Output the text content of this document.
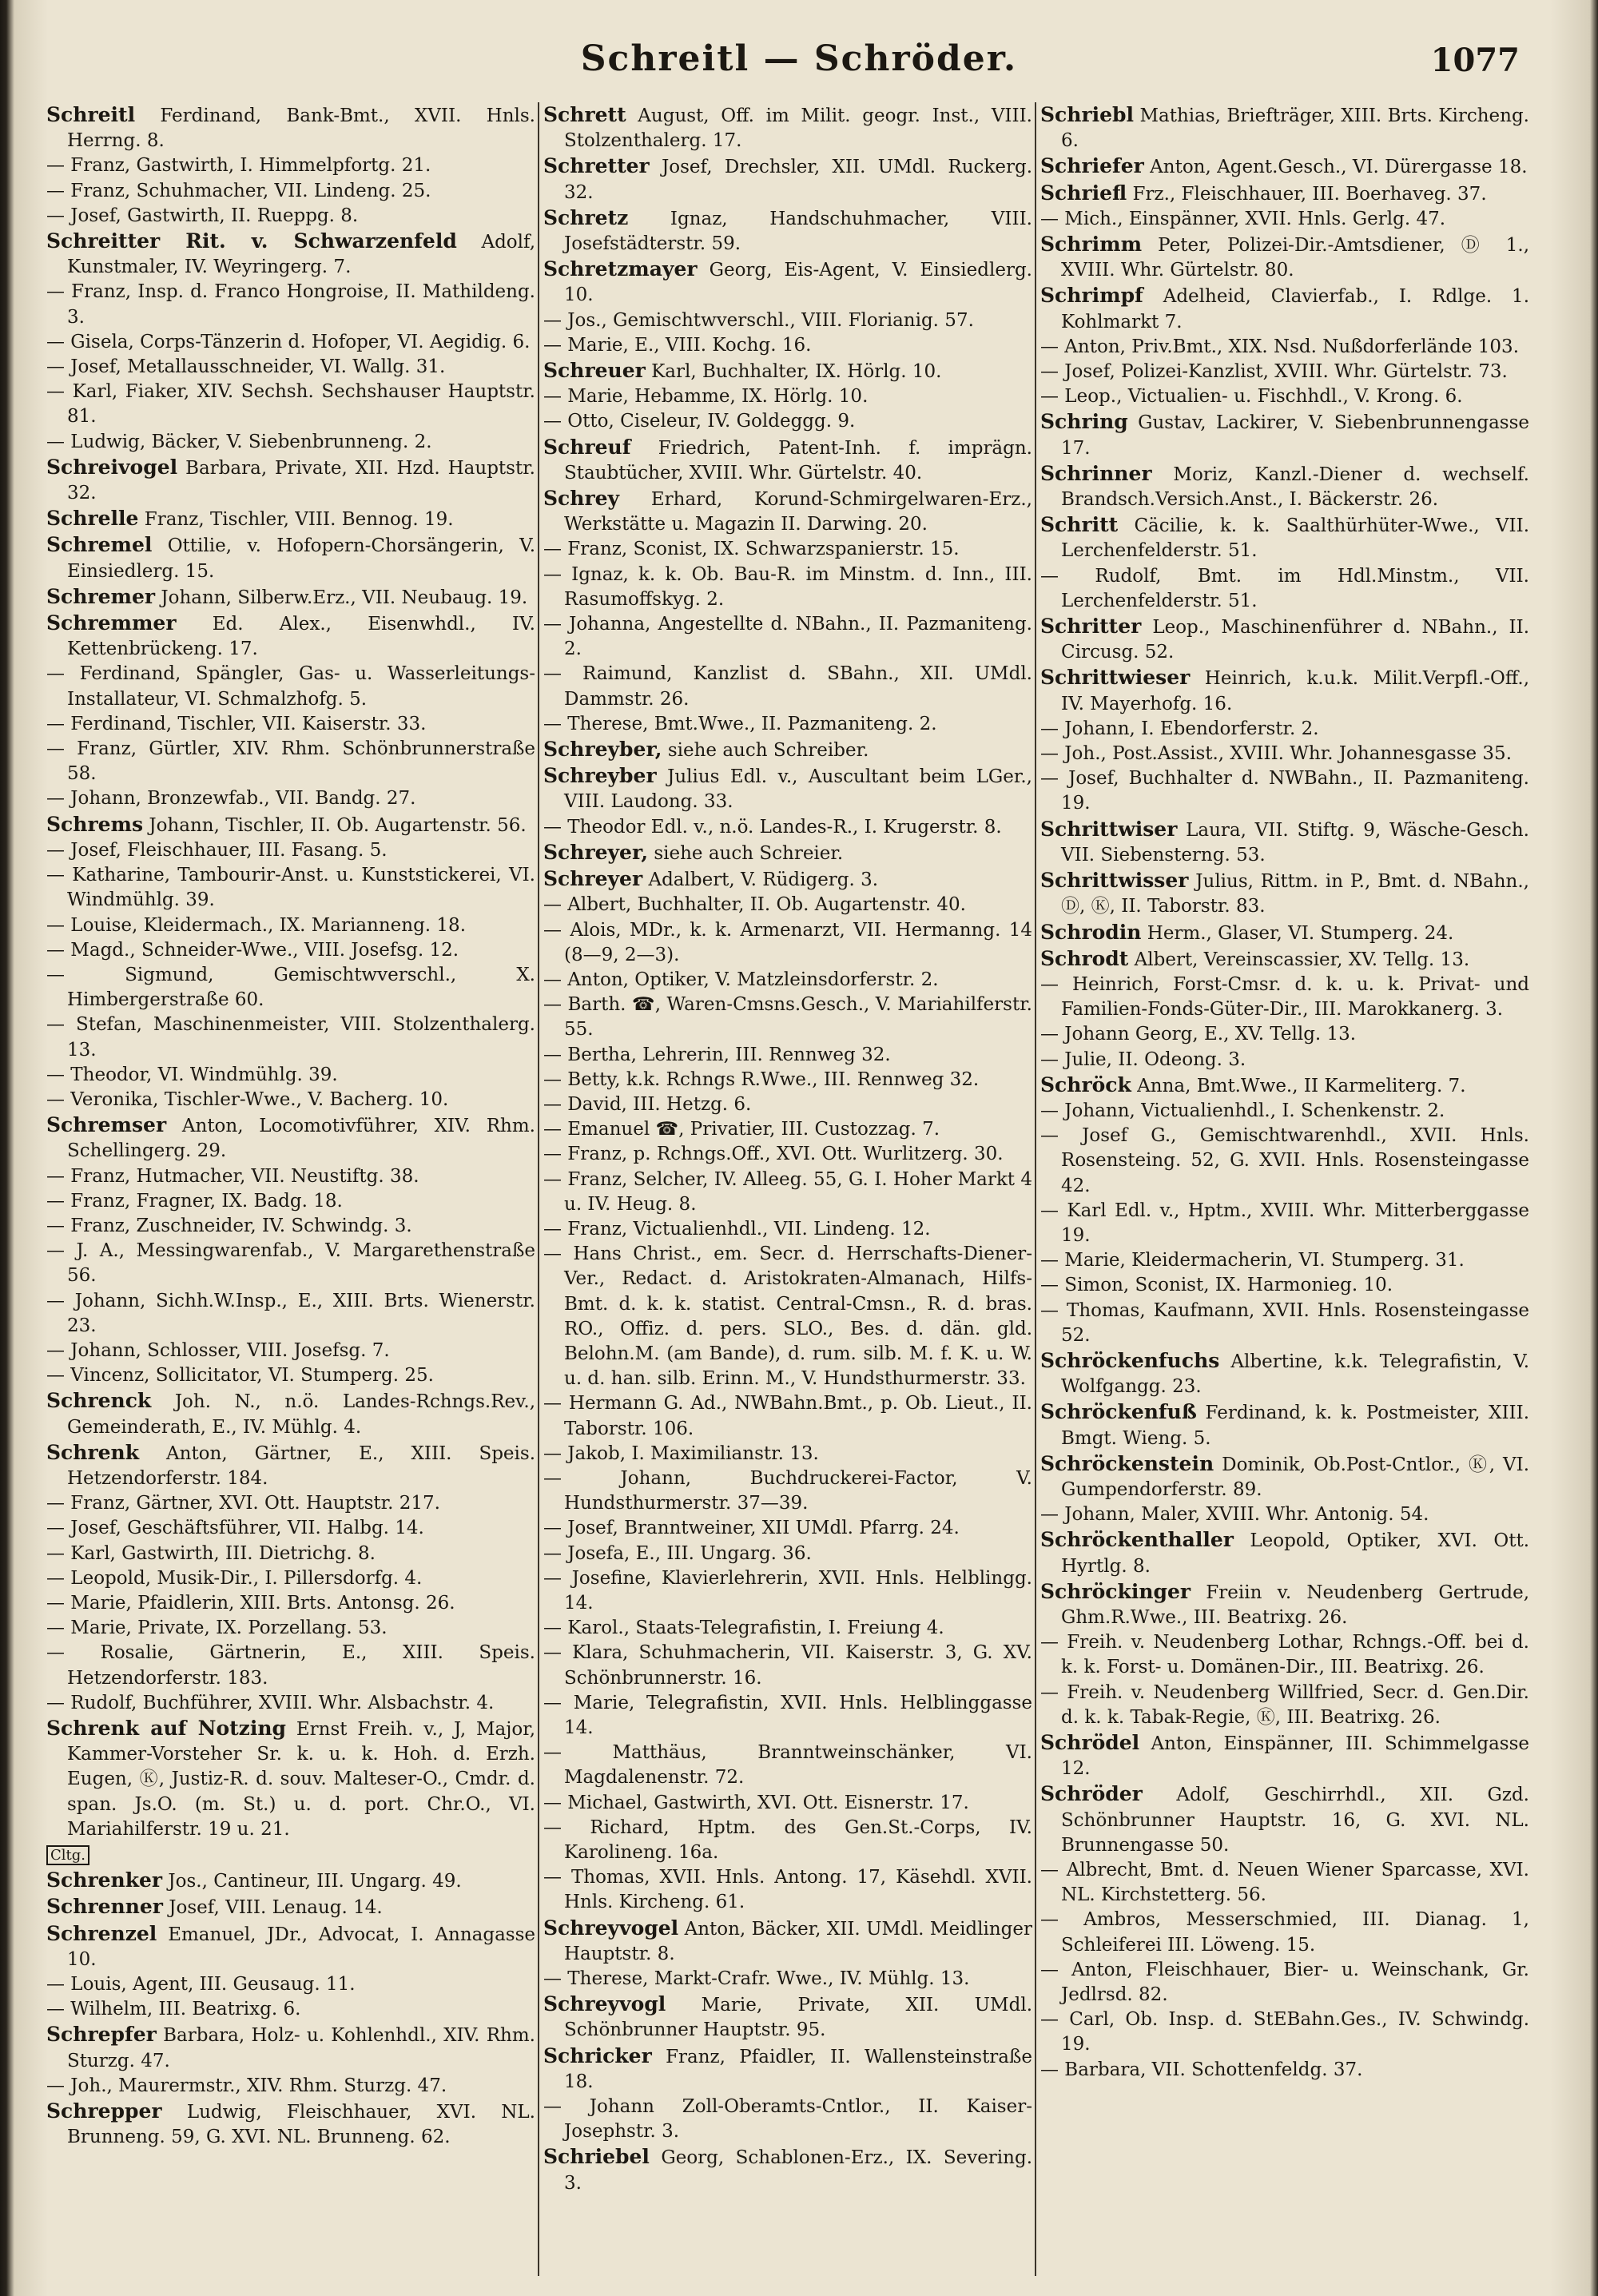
Schreitl — Schröder.	1077

Schreitl Ferdinand, Bank-Bmt., XVII. Hnls. Herrng. 8.

— Franz, Gastwirth, I. Himmelpfortg. 21.

— Franz, Schuhmacher, VII. Lindeng. 25.

— Josef, Gastwirth, II. Rueppg. 8.

Schreitter Rit. v. Schwarzenfeld Adolf, Kunstmaler, IV. Weyringerg. 7.

— Franz, Insp. d. Franco Hongroise, II. Mathildeng. 3.

— Gisela, Corps-Tänzerin d. Hofoper, VI. Aegidig. 6.

— Josef, Metallausschneider, VI. Wallg. 31.

— Karl, Fiaker, XIV. Sechsh. Sechshauser Hauptstr. 81.

— Ludwig, Bäcker, V. Siebenbrunneng. 2.

Schreivogel Barbara, Private, XII. Hzd. Hauptstr. 32.

Schrelle Franz, Tischler, VIII. Bennog. 19.

Schremel Ottilie, v. Hofopern-Chorsängerin, V. Einsiedlerg. 15.

Schremer Johann, Silberw.Erz., VII. Neubaug. 19.

Schremmer Ed. Alex., Eisenwhdl., IV. Kettenbrückeng. 17.

— Ferdinand, Spängler, Gas- u. Wasserleitungs-Installateur, VI. Schmalzhofg. 5.

— Ferdinand, Tischler, VII. Kaiserstr. 33.

— Franz, Gürtler, XIV. Rhm. Schönbrunnerstraße 58.

— Johann, Bronzewfab., VII. Bandg. 27.

Schrems Johann, Tischler, II. Ob. Augartenstr. 56.

— Josef, Fleischhauer, III. Fasang. 5.

— Katharine, Tambourir-Anst. u. Kunststickerei, VI. Windmühlg. 39.

— Louise, Kleidermach., IX. Marianneng. 18.

— Magd., Schneider-Wwe., VIII. Josefsg. 12.

— Sigmund, Gemischtwverschl., X. Himbergerstraße 60.

— Stefan, Maschinenmeister, VIII. Stolzenthalerg. 13.

— Theodor, VI. Windmühlg. 39.

— Veronika, Tischler-Wwe., V. Bacherg. 10.

Schremser Anton, Locomotivführer, XIV. Rhm. Schellingerg. 29.

— Franz, Hutmacher, VII. Neustiftg. 38.

— Franz, Fragner, IX. Badg. 18.

— Franz, Zuschneider, IV. Schwindg. 3.

— J. A., Messingwarenfab., V. Margarethenstraße 56.

— Johann, Sichh.W.Insp., E., XIII. Brts. Wienerstr. 23.

— Johann, Schlosser, VIII. Josefsg. 7.

— Vincenz, Sollicitator, VI. Stumperg. 25.

Schrenck Joh. N., n.ö. Landes-Rchngs.Rev., Gemeinderath, E., IV. Mühlg. 4.

Schrenk Anton, Gärtner, E., XIII. Speis. Hetzendorferstr. 184.

— Franz, Gärtner, XVI. Ott. Hauptstr. 217.

— Josef, Geschäftsführer, VII. Halbg. 14.

— Karl, Gastwirth, III. Dietrichg. 8.

— Leopold, Musik-Dir., I. Pillersdorfg. 4.

— Marie, Pfaidlerin, XIII. Brts. Antonsg. 26.

— Marie, Private, IX. Porzellang. 53.

— Rosalie, Gärtnerin, E., XIII. Speis. Hetzendorferstr. 183.

— Rudolf, Buchführer, XVIII. Whr. Alsbachstr. 4.

Schrenk auf Notzing Ernst Freih. v., J, Major, Kammer-Vorsteher Sr. k. u. k. Hoh. d. Erzh. Eugen, Ⓚ, Justiz-R. d. souv. Malteser-O., Cmdr. d. span. Js.O. (m. St.) u. d. port. Chr.O., VI. Mariahilferstr. 19 u. 21.

Cltg.

Schrenker Jos., Cantineur, III. Ungarg. 49.

Schrenner Josef, VIII. Lenaug. 14.

Schrenzel Emanuel, JDr., Advocat, I. Annagasse 10.

— Louis, Agent, III. Geusaug. 11.

— Wilhelm, III. Beatrixg. 6.

Schrepfer Barbara, Holz- u. Kohlenhdl., XIV. Rhm. Sturzg. 47.

— Joh., Maurermstr., XIV. Rhm. Sturzg. 47.

Schrepper Ludwig, Fleischhauer, XVI. NL. Brunneng. 59, G. XVI. NL. Brunneng. 62.

Schrett August, Off. im Milit. geogr. Inst., VIII. Stolzenthalerg. 17.

Schretter Josef, Drechsler, XII. UMdl. Ruckerg. 32.

Schretz Ignaz, Handschuhmacher, VIII. Josefstädterstr. 59.

Schretzmayer Georg, Eis-Agent, V. Einsiedlerg. 10.

— Jos., Gemischtwverschl., VIII. Florianig. 57.

— Marie, E., VIII. Kochg. 16.

Schreuer Karl, Buchhalter, IX. Hörlg. 10.

— Marie, Hebamme, IX. Hörlg. 10.

— Otto, Ciseleur, IV. Goldeggg. 9.

Schreuf Friedrich, Patent-Inh. f. imprägn. Staubtücher, XVIII. Whr. Gürtelstr. 40.

Schrey Erhard, Korund-Schmirgelwaren-Erz., Werkstätte u. Magazin II. Darwing. 20.

— Franz, Sconist, IX. Schwarzspanierstr. 15.

— Ignaz, k. k. Ob. Bau-R. im Minstm. d. Inn., III. Rasumoffskyg. 2.

— Johanna, Angestellte d. NBahn., II. Pazmaniteng. 2.

— Raimund, Kanzlist d. SBahn., XII. UMdl. Dammstr. 26.

— Therese, Bmt.Wwe., II. Pazmaniteng. 2.

Schreyber, siehe auch Schreiber.

Schreyber Julius Edl. v., Auscultant beim LGer., VIII. Laudong. 33.

— Theodor Edl. v., n.ö. Landes-R., I. Krugerstr. 8.

Schreyer, siehe auch Schreier.

Schreyer Adalbert, V. Rüdigerg. 3.

— Albert, Buchhalter, II. Ob. Augartenstr. 40.

— Alois, MDr., k. k. Armenarzt, VII. Hermanng. 14 (8—9, 2—3).

— Anton, Optiker, V. Matzleinsdorferstr. 2.

— Barth. ☎, Waren-Cmsns.Gesch., V. Mariahilferstr. 55.

— Bertha, Lehrerin, III. Rennweg 32.

— Betty, k.k. Rchngs R.Wwe., III. Rennweg 32.

— David, III. Hetzg. 6.

— Emanuel ☎, Privatier, III. Custozzag. 7.

— Franz, p. Rchngs.Off., XVI. Ott. Wurlitzerg. 30.

— Franz, Selcher, IV. Alleeg. 55, G. I. Hoher Markt 4 u. IV. Heug. 8.

— Franz, Victualienhdl., VII. Lindeng. 12.

— Hans Christ., em. Secr. d. Herrschafts-Diener-Ver., Redact. d. Aristokraten-Almanach, Hilfs-Bmt. d. k. k. statist. Central-Cmsn., R. d. bras. RO., Offiz. d. pers. SLO., Bes. d. dän. gld. Belohn.M. (am Bande), d. rum. silb. M. f. K. u. W. u. d. han. silb. Erinn. M., V. Hundsthurmerstr. 33.

— Hermann G. Ad., NWBahn.Bmt., p. Ob. Lieut., II. Taborstr. 106.

— Jakob, I. Maximilianstr. 13.

— Johann, Buchdruckerei-Factor, V. Hundsthurmerstr. 37—39.

— Josef, Branntweiner, XII UMdl. Pfarrg. 24.

— Josefa, E., III. Ungarg. 36.

— Josefine, Klavierlehrerin, XVII. Hnls. Helblingg. 14.

— Karol., Staats-Telegrafistin, I. Freiung 4.

— Klara, Schuhmacherin, VII. Kaiserstr. 3, G. XV. Schönbrunnerstr. 16.

— Marie, Telegrafistin, XVII. Hnls. Helblinggasse 14.

— Matthäus, Branntweinschänker, VI. Magdalenenstr. 72.

— Michael, Gastwirth, XVI. Ott. Eisnerstr. 17.

— Richard, Hptm. des Gen.St.-Corps, IV. Karolineng. 16a.

— Thomas, XVII. Hnls. Antong. 17, Käsehdl. XVII. Hnls. Kircheng. 61.

Schreyvogel Anton, Bäcker, XII. UMdl. Meidlinger Hauptstr. 8.

— Therese, Markt-Crafr. Wwe., IV. Mühlg. 13.

Schreyvogl Marie, Private, XII. UMdl. Schönbrunner Hauptstr. 95.

Schricker Franz, Pfaidler, II. Wallensteinstraße 18.

— Johann Zoll-Oberamts-Cntlor., II. Kaiser-Josephstr. 3.

Schriebel Georg, Schablonen-Erz., IX. Severing. 3.

Schriebl Mathias, Briefträger, XIII. Brts. Kircheng. 6.

Schriefer Anton, Agent.Gesch., VI. Dürergasse 18.

Schriefl Frz., Fleischhauer, III. Boerhaveg. 37.

— Mich., Einspänner, XVII. Hnls. Gerlg. 47.

Schrimm Peter, Polizei-Dir.-Amtsdiener, Ⓓ 1., XVIII. Whr. Gürtelstr. 80.

Schrimpf Adelheid, Clavierfab., I. Rdlge. 1. Kohlmarkt 7.

— Anton, Priv.Bmt., XIX. Nsd. Nußdorferlände 103.

— Josef, Polizei-Kanzlist, XVIII. Whr. Gürtelstr. 73.

— Leop., Victualien- u. Fischhdl., V. Krong. 6.

Schring Gustav, Lackirer, V. Siebenbrunnengasse 17.

Schrinner Moriz, Kanzl.-Diener d. wechself. Brandsch.Versich.Anst., I. Bäckerstr. 26.

Schritt Cäcilie, k. k. Saalthürhüter-Wwe., VII. Lerchenfelderstr. 51.

— Rudolf, Bmt. im Hdl.Minstm., VII. Lerchenfelderstr. 51.

Schritter Leop., Maschinenführer d. NBahn., II. Circusg. 52.

Schrittwieser Heinrich, k.u.k. Milit.Verpfl.-Off., IV. Mayerhofg. 16.

— Johann, I. Ebendorferstr. 2.

— Joh., Post.Assist., XVIII. Whr. Johannesgasse 35.

— Josef, Buchhalter d. NWBahn., II. Pazmaniteng. 19.

Schrittwiser Laura, VII. Stiftg. 9, Wäsche-Gesch. VII. Siebensterng. 53.

Schrittwisser Julius, Rittm. in P., Bmt. d. NBahn., Ⓓ, Ⓚ, II. Taborstr. 83.

Schrodin Herm., Glaser, VI. Stumperg. 24.

Schrodt Albert, Vereinscassier, XV. Tellg. 13.

— Heinrich, Forst-Cmsr. d. k. u. k. Privat- und Familien-Fonds-Güter-Dir., III. Marokkanerg. 3.

— Johann Georg, E., XV. Tellg. 13.

— Julie, II. Odeong. 3.

Schröck Anna, Bmt.Wwe., II Karmeliterg. 7.

— Johann, Victualienhdl., I. Schenkenstr. 2.

— Josef G., Gemischtwarenhdl., XVII. Hnls. Rosensteing. 52, G. XVII. Hnls. Rosensteingasse 42.

— Karl Edl. v., Hptm., XVIII. Whr. Mitterberggasse 19.

— Marie, Kleidermacherin, VI. Stumperg. 31.

— Simon, Sconist, IX. Harmonieg. 10.

— Thomas, Kaufmann, XVII. Hnls. Rosensteingasse 52.

Schröckenfuchs Albertine, k.k. Telegrafistin, V. Wolfgangg. 23.

Schröckenfuß Ferdinand, k. k. Postmeister, XIII. Bmgt. Wieng. 5.

Schröckenstein Dominik, Ob.Post-Cntlor., Ⓚ, VI. Gumpendorferstr. 89.

— Johann, Maler, XVIII. Whr. Antonig. 54.

Schröckenthaller Leopold, Optiker, XVI. Ott. Hyrtlg. 8.

Schröckinger Freiin v. Neudenberg Gertrude, Ghm.R.Wwe., III. Beatrixg. 26.

— Freih. v. Neudenberg Lothar, Rchngs.-Off. bei d. k. k. Forst- u. Domänen-Dir., III. Beatrixg. 26.

— Freih. v. Neudenberg Willfried, Secr. d. Gen.Dir. d. k. k. Tabak-Regie, Ⓚ, III. Beatrixg. 26.

Schrödel Anton, Einspänner, III. Schimmelgasse 12.

Schröder Adolf, Geschirrhdl., XII. Gzd. Schönbrunner Hauptstr. 16, G. XVI. NL. Brunnengasse 50.

— Albrecht, Bmt. d. Neuen Wiener Sparcasse, XVI. NL. Kirchstetterg. 56.

— Ambros, Messerschmied, III. Dianag. 1, Schleiferei III. Löweng. 15.

— Anton, Fleischhauer, Bier- u. Weinschank, Gr. Jedlrsd. 82.

— Carl, Ob. Insp. d. StEBahn.Ges., IV. Schwindg. 19.

— Barbara, VII. Schottenfeldg. 37.
